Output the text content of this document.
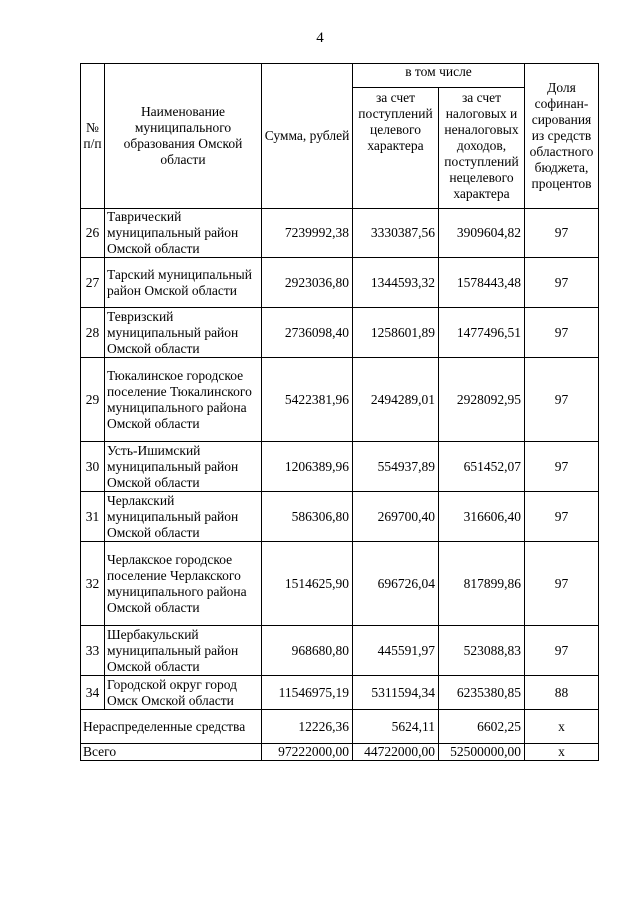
4
№ п/п	Наименование муниципального образования Омской области	Сумма, рублей	в том числе		Доля софинан-сирования из средств областного бюджета, процентов
			за счет поступлений целевого характера	за счет налоговых и неналоговых доходов, поступлений нецелевого характера	
26	Таврический муниципальный район Омской области	7239992,38	3330387,56	3909604,82	97
27	Тарский муниципальный район Омской области	2923036,80	1344593,32	1578443,48	97
28	Тевризский муниципальный район Омской области	2736098,40	1258601,89	1477496,51	97
29	Тюкалинское городское поселение Тюкалинского муниципального района Омской области	5422381,96	2494289,01	2928092,95	97
30	Усть-Ишимский муниципальный район Омской области	1206389,96	554937,89	651452,07	97
31	Черлакский муниципальный район Омской области	586306,80	269700,40	316606,40	97
32	Черлакское городское поселение Черлакского муниципального района Омской области	1514625,90	696726,04	817899,86	97
33	Шербакульский муниципальный район Омской области	968680,80	445591,97	523088,83	97
34	Городской округ город Омск Омской области	11546975,19	5311594,34	6235380,85	88
Нераспределенные средства		12226,36	5624,11	6602,25	х
Всего		97222000,00	44722000,00	52500000,00	х
